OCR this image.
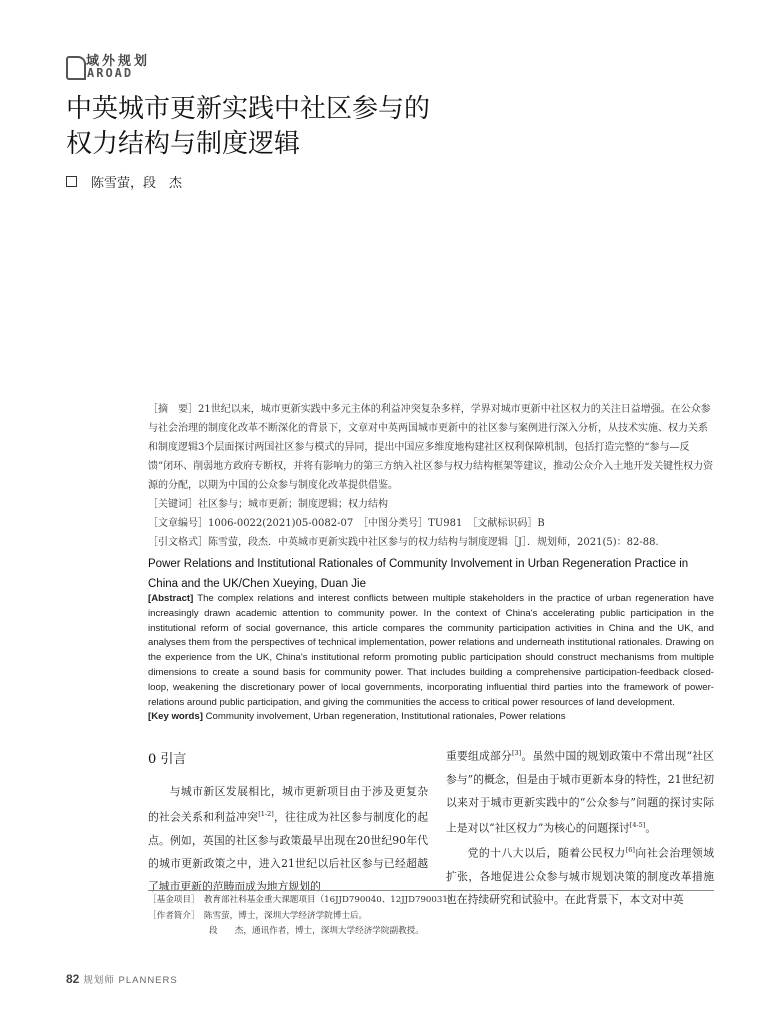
域外规划
AROAD
中英城市更新实践中社区参与的
权力结构与制度逻辑
陈雪萤，段　杰

［摘　要］21世纪以来，城市更新实践中多元主体的利益冲突复杂多样，学界对城市更新中社区权力的关注日益增强。在公众参与社会治理的制度化改革不断深化的背景下，文章对中英两国城市更新中的社区参与案例进行深入分析，从技术实施、权力关系和制度逻辑3个层面探讨两国社区参与模式的异同，提出中国应多维度地构建社区权利保障机制，包括打造完整的“参与—反馈”闭环、削弱地方政府专断权，并将有影响力的第三方纳入社区参与权力结构框架等建议，推动公众介入土地开发关键性权力资源的分配，以期为中国的公众参与制度化改革提供借鉴。

［关键词］社区参与；城市更新；制度逻辑；权力结构

［文章编号］1006-0022(2021)05-0082-07　［中图分类号］TU981　［文献标识码］B

［引文格式］陈雪萤，段杰．中英城市更新实践中社区参与的权力结构与制度逻辑［J］．规划师，2021(5)：82-88.

Power Relations and Institutional Rationales of Community Involvement in Urban Regeneration Practice in China and the UK/Chen Xueying, Duan Jie
[Abstract] The complex relations and interest conflicts between multiple stakeholders in the practice of urban regeneration have increasingly drawn academic attention to community power. In the context of China's accelerating public participation in the institutional reform of social governance, this article compares the community participation activities in China and the UK, and analyses them from the perspectives of technical implementation, power relations and underneath institutional rationales. Drawing on the experience from the UK, China's institutional reform promoting public participation should construct mechanisms from multiple dimensions to create a sound basis for community power. That includes building a comprehensive participation-feedback closed-loop, weakening the discretionary power of local governments, incorporating influential third parties into the framework of power-relations around public participation, and giving the communities the access to critical power resources of land development.
[Key words] Community involvement, Urban regeneration, Institutional rationales, Power relations
0 引言

与城市新区发展相比，城市更新项目由于涉及更复杂的社会关系和利益冲突[1-2]，往往成为社区参与制度化的起点。例如，英国的社区参与政策最早出现在20世纪90年代的城市更新政策之中，进入21世纪以后社区参与已经超越了城市更新的范畴而成为地方规划的

重要组成部分[3]。虽然中国的规划政策中不常出现“社区参与”的概念，但是由于城市更新本身的特性，21世纪初以来对于城市更新实践中的“公众参与”问题的探讨实际上是对以“社区权力”为核心的问题探讨[4-5]。

党的十八大以后，随着公民权力[6]向社会治理领域扩张，各地促进公众参与城市规划决策的制度改革措施也在持续研究和试验中。在此背景下，本文对中英

［基金项目］　教育部社科基金重大课题项目（16JJD790040、12JJD790031）
［作者简介］　陈雪萤，博士，深圳大学经济学院博士后。
段　　杰，通讯作者，博士，深圳大学经济学院副教授。
82 规划师 PLANNERS
